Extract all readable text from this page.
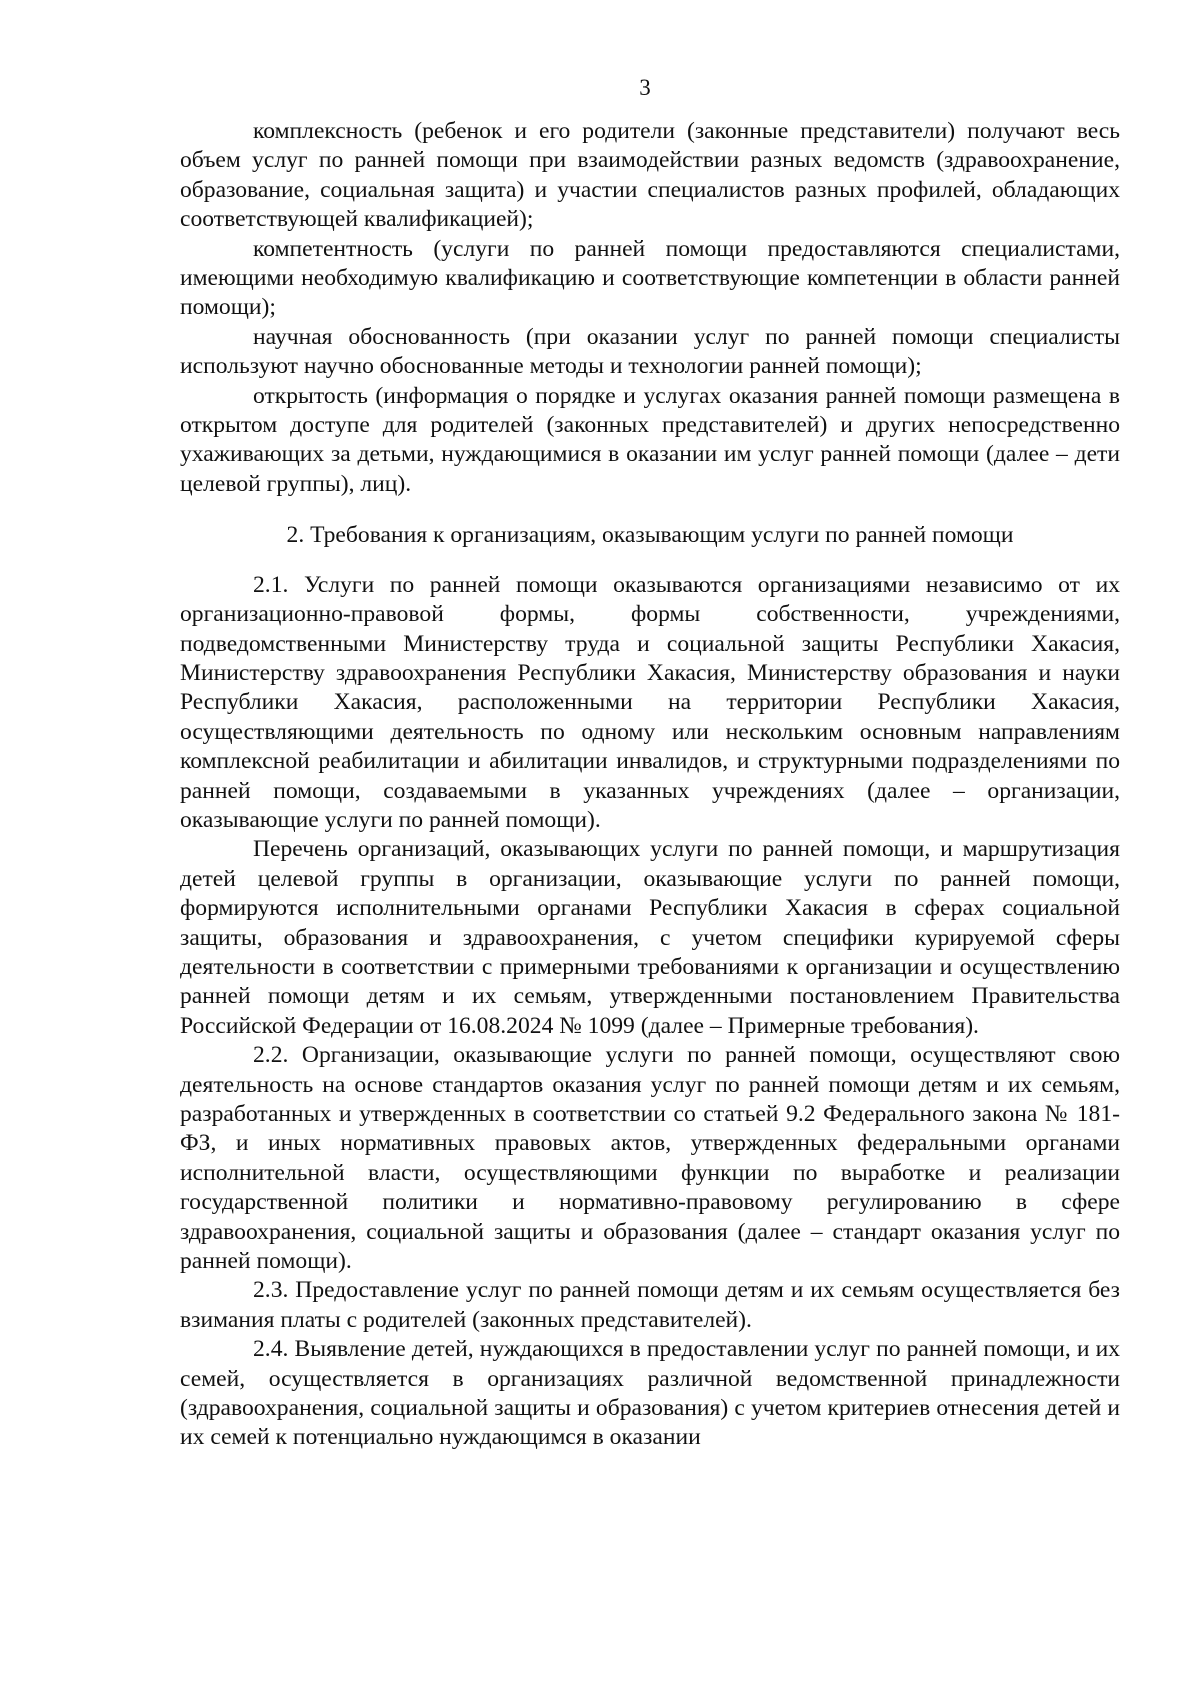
3

комплексность (ребенок и его родители (законные представители) получают весь объем услуг по ранней помощи при взаимодействии разных ведомств (здравоохранение, образование, социальная защита) и участии специалистов разных профилей, обладающих соответствующей квалификацией);

компетентность (услуги по ранней помощи предоставляются специалистами, имеющими необходимую квалификацию и соответствующие компетенции в области ранней помощи);

научная обоснованность (при оказании услуг по ранней помощи специалисты используют научно обоснованные методы и технологии ранней помощи);

открытость (информация о порядке и услугах оказания ранней помощи размещена в открытом доступе для родителей (законных представителей) и других непосредственно ухаживающих за детьми, нуждающимися в оказании им услуг ранней помощи (далее – дети целевой группы), лиц).

2. Требования к организациям, оказывающим услуги по ранней помощи

2.1. Услуги по ранней помощи оказываются организациями независимо от их организационно-правовой формы, формы собственности, учреждениями, подведомственными Министерству труда и социальной защиты Республики Хакасия, Министерству здравоохранения Республики Хакасия, Министерству образования и науки Республики Хакасия, расположенными на территории Республики Хакасия, осуществляющими деятельность по одному или нескольким основным направлениям комплексной реабилитации и абилитации инвалидов, и структурными подразделениями по ранней помощи, создаваемыми в указанных учреждениях (далее – организации, оказывающие услуги по ранней помощи).

Перечень организаций, оказывающих услуги по ранней помощи, и маршрутизация детей целевой группы в организации, оказывающие услуги по ранней помощи, формируются исполнительными органами Республики Хакасия в сферах социальной защиты, образования и здравоохранения, с учетом специфики курируемой сферы деятельности в соответствии с примерными требованиями к организации и осуществлению ранней помощи детям и их семьям, утвержденными постановлением Правительства Российской Федерации от 16.08.2024 № 1099 (далее – Примерные требования).

2.2. Организации, оказывающие услуги по ранней помощи, осуществляют свою деятельность на основе стандартов оказания услуг по ранней помощи детям и их семьям, разработанных и утвержденных в соответствии со статьей 9.2 Федерального закона № 181-ФЗ, и иных нормативных правовых актов, утвержденных федеральными органами исполнительной власти, осуществляющими функции по выработке и реализации государственной политики и нормативно-правовому регулированию в сфере здравоохранения, социальной защиты и образования (далее – стандарт оказания услуг по ранней помощи).

2.3. Предоставление услуг по ранней помощи детям и их семьям осуществляется без взимания платы с родителей (законных представителей).

2.4. Выявление детей, нуждающихся в предоставлении услуг по ранней помощи, и их семей, осуществляется в организациях различной ведомственной принадлежности (здравоохранения, социальной защиты и образования) с учетом критериев отнесения детей и их семей к потенциально нуждающимся в оказании
